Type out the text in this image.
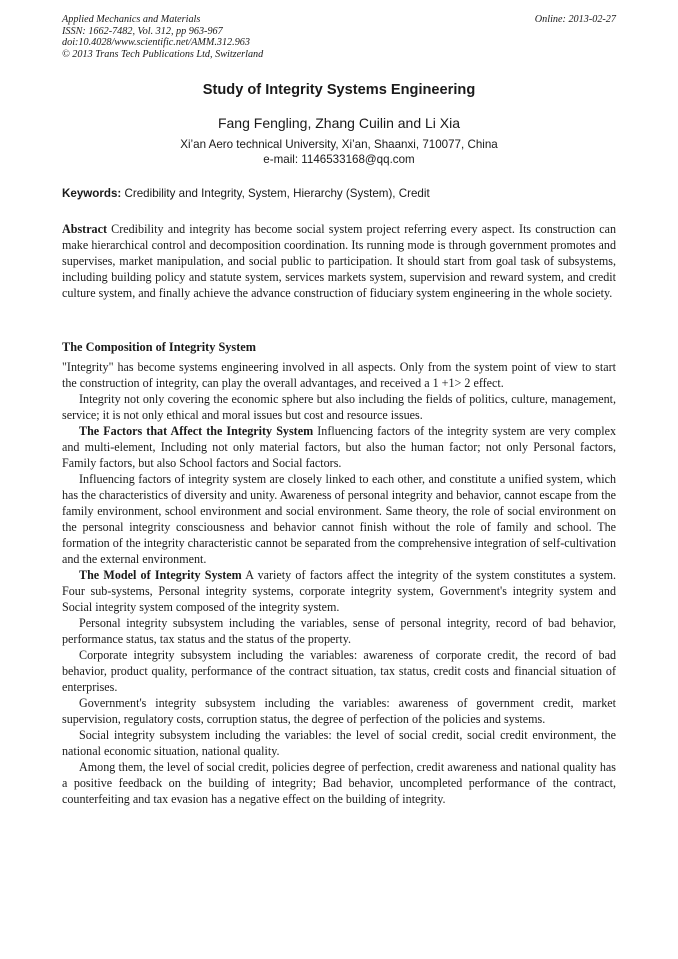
Applied Mechanics and Materials
ISSN: 1662-7482, Vol. 312, pp 963-967
doi:10.4028/www.scientific.net/AMM.312.963
© 2013 Trans Tech Publications Ltd, Switzerland
Online: 2013-02-27
Study of Integrity Systems Engineering
Fang Fengling, Zhang Cuilin and Li Xia
Xi’an Aero technical University, Xi’an, Shaanxi, 710077, China
e-mail: 1146533168@qq.com
Keywords: Credibility and Integrity, System, Hierarchy (System), Credit

Abstract Credibility and integrity has become social system project referring every aspect. Its construction can make hierarchical control and decomposition coordination. Its running mode is through government promotes and supervises, market manipulation, and social public to participation. It should start from goal task of subsystems, including building policy and statute system, services markets system, supervision and reward system, and credit culture system, and finally achieve the advance construction of fiduciary system engineering in the whole society.

The Composition of Integrity System

"Integrity" has become systems engineering involved in all aspects. Only from the system point of view to start the construction of integrity, can play the overall advantages, and received a 1 +1> 2 effect.

Integrity not only covering the economic sphere but also including the fields of politics, culture, management, service; it is not only ethical and moral issues but cost and resource issues.

The Factors that Affect the Integrity System Influencing factors of the integrity system are very complex and multi-element, Including not only material factors, but also the human factor; not only Personal factors, Family factors, but also School factors and Social factors.

Influencing factors of integrity system are closely linked to each other, and constitute a unified system, which has the characteristics of diversity and unity. Awareness of personal integrity and behavior, cannot escape from the family environment, school environment and social environment. Same theory, the role of social environment on the personal integrity consciousness and behavior cannot finish without the role of family and school. The formation of the integrity characteristic cannot be separated from the comprehensive integration of self-cultivation and the external environment.

The Model of Integrity System A variety of factors affect the integrity of the system constitutes a system. Four sub-systems, Personal integrity systems, corporate integrity system, Government's integrity system and Social integrity system composed of the integrity system.

Personal integrity subsystem including the variables, sense of personal integrity, record of bad behavior, performance status, tax status and the status of the property.

Corporate integrity subsystem including the variables: awareness of corporate credit, the record of bad behavior, product quality, performance of the contract situation, tax status, credit costs and financial situation of enterprises.

Government's integrity subsystem including the variables: awareness of government credit, market supervision, regulatory costs, corruption status, the degree of perfection of the policies and systems.

Social integrity subsystem including the variables: the level of social credit, social credit environment, the national economic situation, national quality.

Among them, the level of social credit, policies degree of perfection, credit awareness and national quality has a positive feedback on the building of integrity; Bad behavior, uncompleted performance of the contract, counterfeiting and tax evasion has a negative effect on the building of integrity.
